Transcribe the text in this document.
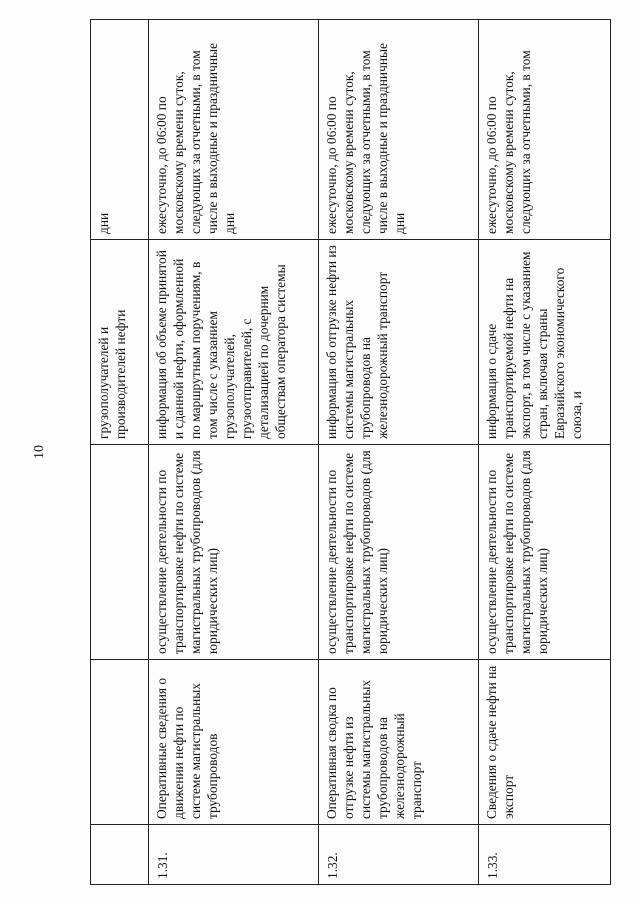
10
			грузополучателей и производителей нефти	дни
1.31.	Оперативные сведения о движении нефти по системе магистральных трубопроводов	осуществление деятельности по транспортировке нефти по системе магистральных трубопроводов (для юридических лиц)	информация об объеме принятой и сданной нефти, оформленной по маршрутным поручениям, в том числе с указанием грузополучателей, грузоотправителей, с детализацией по дочерним обществам оператора системы	ежесуточно, до 06:00 по московскому времени суток, следующих за отчетными, в том числе в выходные и праздничные дни
1.32.	Оперативная сводка по отгрузке нефти из системы магистральных трубопроводов на железнодорожный транспорт	осуществление деятельности по транспортировке нефти по системе магистральных трубопроводов (для юридических лиц)	информация об отгрузке нефти из системы магистральных трубопроводов на железнодорожный транспорт	ежесуточно, до 06:00 по московскому времени суток, следующих за отчетными, в том числе в выходные и праздничные дни
1.33.	Сведения о сдаче нефти на экспорт	осуществление деятельности по транспортировке нефти по системе магистральных трубопроводов (для юридических лиц)	информация о сдаче транспортируемой нефти на экспорт, в том числе с указанием стран, включая страны Евразийского экономического союза, и	ежесуточно, до 06:00 по московскому времени суток, следующих за отчетными, в том
